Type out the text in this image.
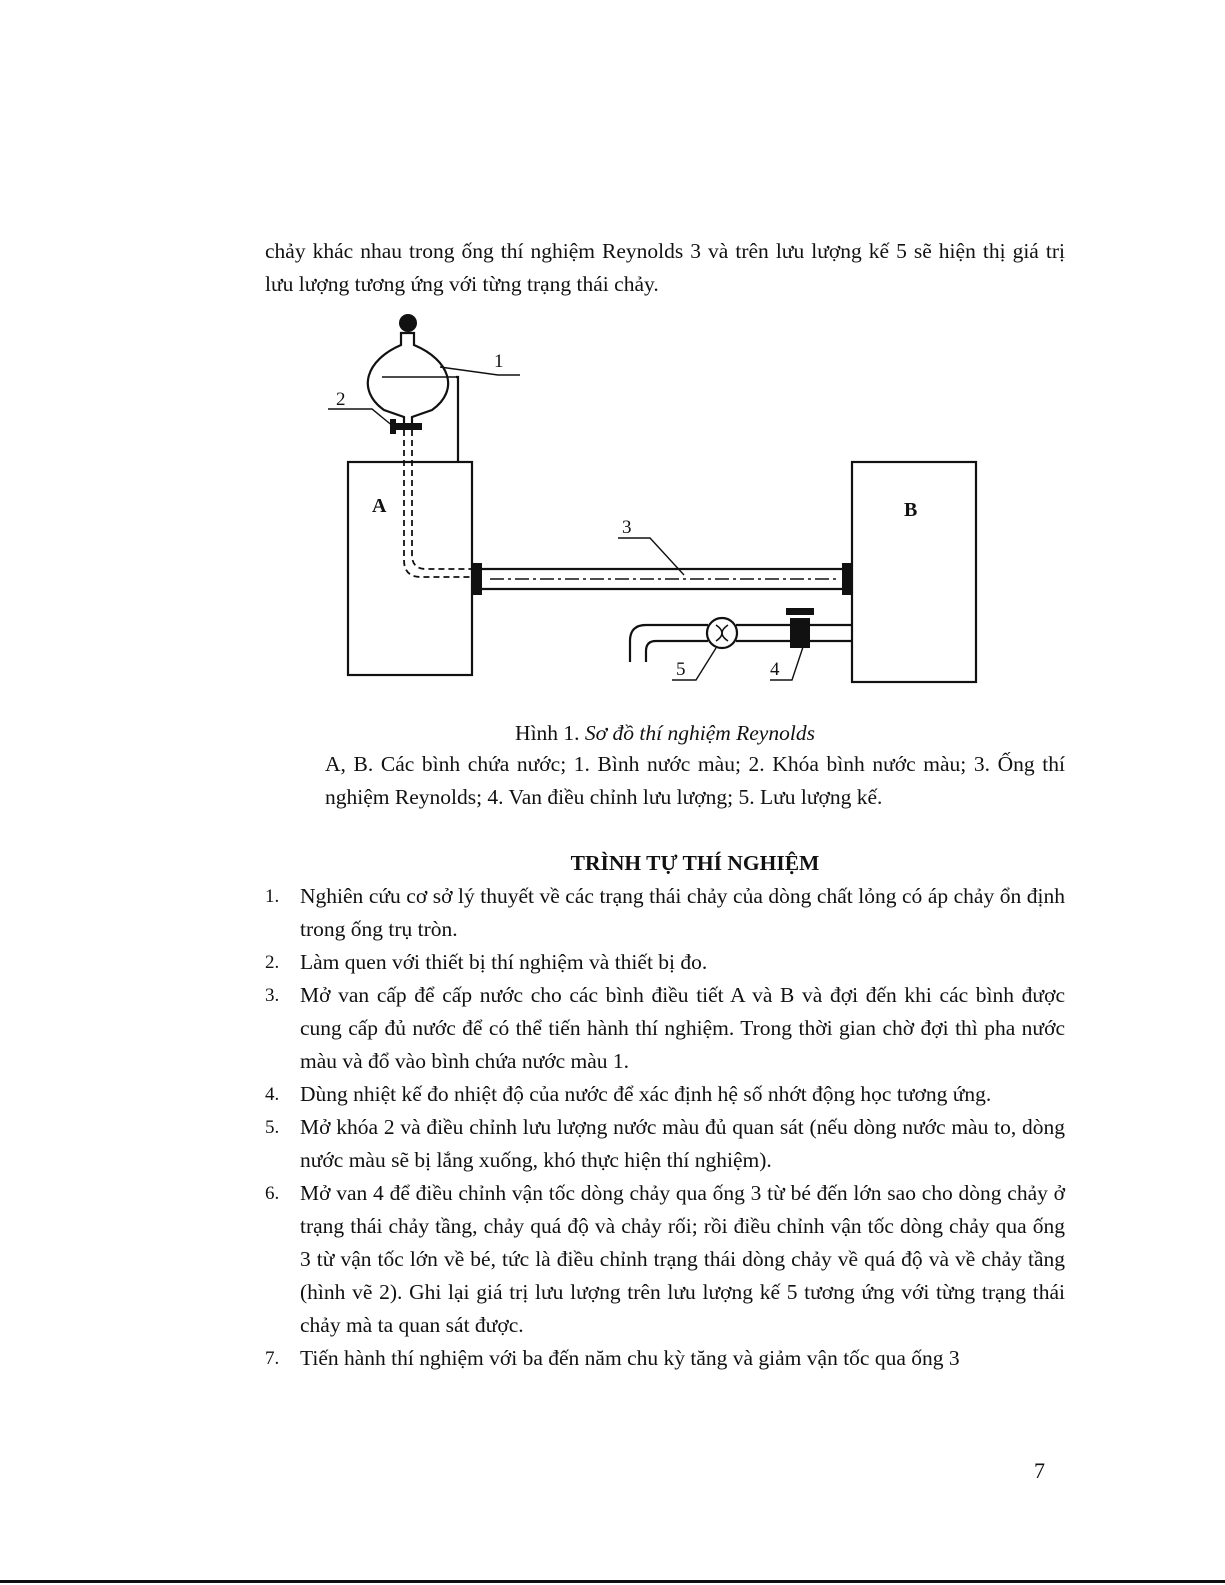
chảy khác nhau trong ống thí nghiệm Reynolds 3 và trên lưu lượng kế 5 sẽ hiện thị giá trị lưu lượng tương ứng với từng trạng thái chảy.

A	B
1
2
3
4
5
Hình 1. Sơ đồ thí nghiệm Reynolds
A, B. Các bình chứa nước; 1. Bình nước màu; 2. Khóa bình nước màu; 3. Ống thí nghiệm Reynolds; 4. Van điều chỉnh lưu lượng; 5. Lưu lượng kế.
TRÌNH TỰ THÍ NGHIỆM
1. Nghiên cứu cơ sở lý thuyết về các trạng thái chảy của dòng chất lỏng có áp chảy ổn định trong ống trụ tròn.
2. Làm quen với thiết bị thí nghiệm và thiết bị đo.
3. Mở van cấp để cấp nước cho các bình điều tiết A và B và đợi đến khi các bình được cung cấp đủ nước để có thể tiến hành thí nghiệm. Trong thời gian chờ đợi thì pha nước màu và đổ vào bình chứa nước màu 1.
4. Dùng nhiệt kế đo nhiệt độ của nước để xác định hệ số nhớt động học tương ứng.
5. Mở khóa 2 và điều chỉnh lưu lượng nước màu đủ quan sát (nếu dòng nước màu to, dòng nước màu sẽ bị lắng xuống, khó thực hiện thí nghiệm).
6. Mở van 4 để điều chỉnh vận tốc dòng chảy qua ống 3 từ bé đến lớn sao cho dòng chảy ở trạng thái chảy tầng, chảy quá độ và chảy rối; rồi điều chỉnh vận tốc dòng chảy qua ống 3 từ vận tốc lớn về bé, tức là điều chỉnh trạng thái dòng chảy về quá độ và về chảy tầng (hình vẽ 2). Ghi lại giá trị lưu lượng trên lưu lượng kế 5 tương ứng với từng trạng thái chảy mà ta quan sát được.
7. Tiến hành thí nghiệm với ba đến năm chu kỳ tăng và giảm vận tốc qua ống 3
7
